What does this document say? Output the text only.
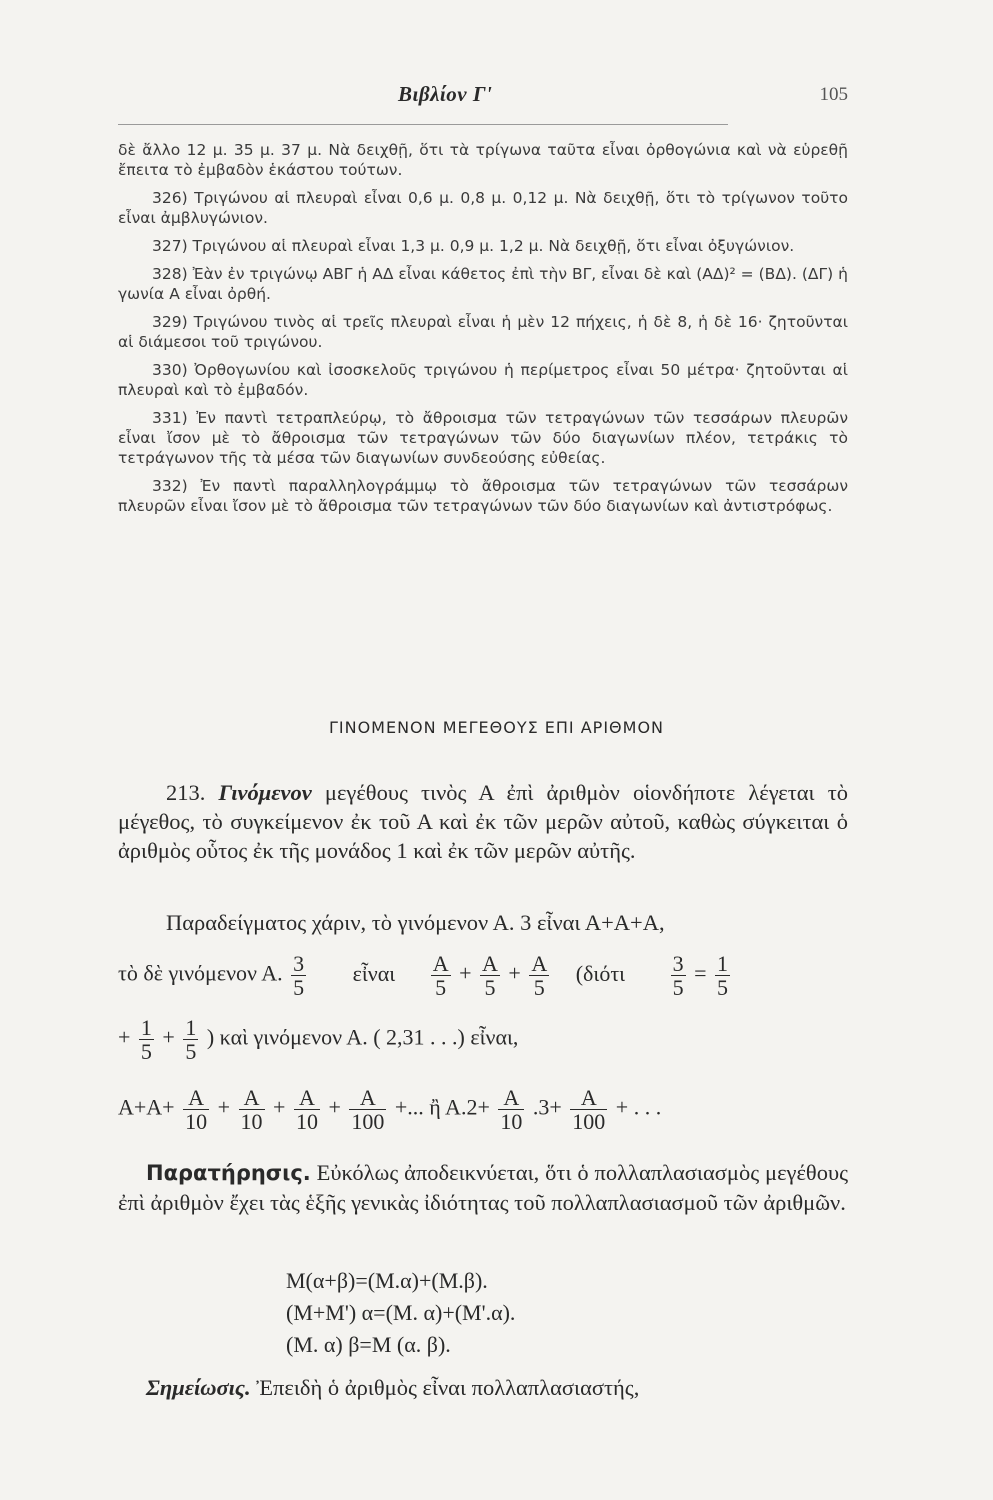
Βιβλίον Γ'	105

δὲ ἄλλο 12 μ. 35 μ. 37 μ. Νὰ δειχθῇ, ὅτι τὰ τρίγωνα ταῦτα εἶναι ὀρθογώνια καὶ νὰ εὑρεθῇ ἔπειτα τὸ ἐμβαδὸν ἑκάστου τούτων.

326) Τριγώνου αἱ πλευραὶ εἶναι 0,6 μ. 0,8 μ. 0,12 μ. Νὰ δειχθῇ, ὅτι τὸ τρίγωνον τοῦτο εἶναι ἀμβλυγώνιον.

327) Τριγώνου αἱ πλευραὶ εἶναι 1,3 μ. 0,9 μ. 1,2 μ. Νὰ δειχθῇ, ὅτι εἶναι ὀξυγώνιον.

328) Ἐὰν ἐν τριγώνῳ ΑΒΓ ἡ ΑΔ εἶναι κάθετος ἐπὶ τὴν ΒΓ, εἶναι δὲ καὶ (ΑΔ)² = (ΒΔ). (ΔΓ) ἡ γωνία Α εἶναι ὀρθή.

329) Τριγώνου τινὸς αἱ τρεῖς πλευραὶ εἶναι ἡ μὲν 12 πήχεις, ἡ δὲ 8, ἡ δὲ 16· ζητοῦνται αἱ διάμεσοι τοῦ τριγώνου.

330) Ὀρθογωνίου καὶ ἰσοσκελοῦς τριγώνου ἡ περίμετρος εἶναι 50 μέτρα· ζητοῦνται αἱ πλευραὶ καὶ τὸ ἐμβαδόν.

331) Ἐν παντὶ τετραπλεύρῳ, τὸ ἄθροισμα τῶν τετραγώνων τῶν τεσσάρων πλευρῶν εἶναι ἴσον μὲ τὸ ἄθροισμα τῶν τετραγώνων τῶν δύο διαγωνίων πλέον, τετράκις τὸ τετράγωνον τῆς τὰ μέσα τῶν διαγωνίων συνδεούσης εὐθείας.

332) Ἐν παντὶ παραλληλογράμμῳ τὸ ἄθροισμα τῶν τετραγώνων τῶν τεσσάρων πλευρῶν εἶναι ἴσον μὲ τὸ ἄθροισμα τῶν τετραγώνων τῶν δύο διαγωνίων καὶ ἀντιστρόφως.

ΓΙΝΟΜΕΝΟΝ ΜΕΓΕΘΟΥΣ ΕΠΙ ΑΡΙΘΜΟΝ

213. Γινόμενον μεγέθους τινὸς Α ἐπὶ ἀριθμὸν οἱονδήποτε λέγεται τὸ μέγεθος, τὸ συγκείμενον ἐκ τοῦ Α καὶ ἐκ τῶν μερῶν αὐτοῦ, καθὼς σύγκειται ὁ ἀριθμὸς οὗτος ἐκ τῆς μονάδος 1 καὶ ἐκ τῶν μερῶν αὐτῆς.

Παραδείγματος χάριν, τὸ γινόμενον Α. 3 εἶναι Α+Α+Α,
τὸ δὲ γινόμενον Α. $\frac{3}{5}$ εἶναι $\frac{A}{5} + \frac{A}{5} + \frac{A}{5} (\delta\iota ό\tau\iota \frac{3}{5} = \frac{1}{5}$
+ $\frac{1}{5} + \frac{1}{5}$ ) καὶ γινόμενον Α. ( 2,31 . . .) εἶναι,
$A+A+ \frac{A}{10} + \frac{A}{10} + \frac{A}{10} + \frac{A}{100}$ +... ἢ $A.2+ \frac{A}{10} .3+ \frac{A}{100}$ + . . .
Παρατήρησις. Εὐκόλως ἀποδεικνύεται, ὅτι ὁ πολλαπλασιασμὸς μεγέθους ἐπὶ ἀριθμὸν ἔχει τὰς ἑξῆς γενικὰς ἰδιότητας τοῦ πολλαπλασιασμοῦ τῶν ἀριθμῶν.
Μ(α+β)=(Μ.α)+(Μ.β).
(Μ+Μ') α=(Μ. α)+(Μ'.α).
(Μ. α) β=Μ (α. β).
Σημείωσις. Ἐπειδὴ ὁ ἀριθμὸς εἶναι πολλαπλασιαστής,
